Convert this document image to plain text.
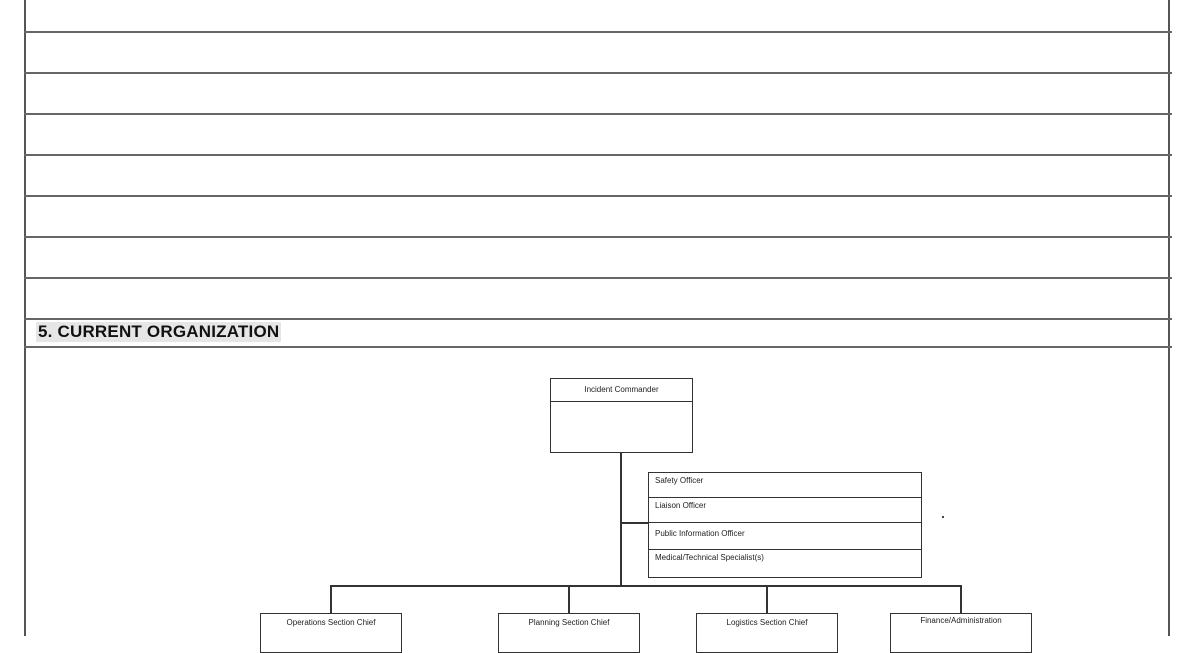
5. CURRENT ORGANIZATION
Incident Commander
Safety Officer
Liaison Officer
Public Information Officer
Medical/Technical Specialist(s)
Operations Section Chief	Planning Section Chief	Logistics Section Chief	Finance/Administration
